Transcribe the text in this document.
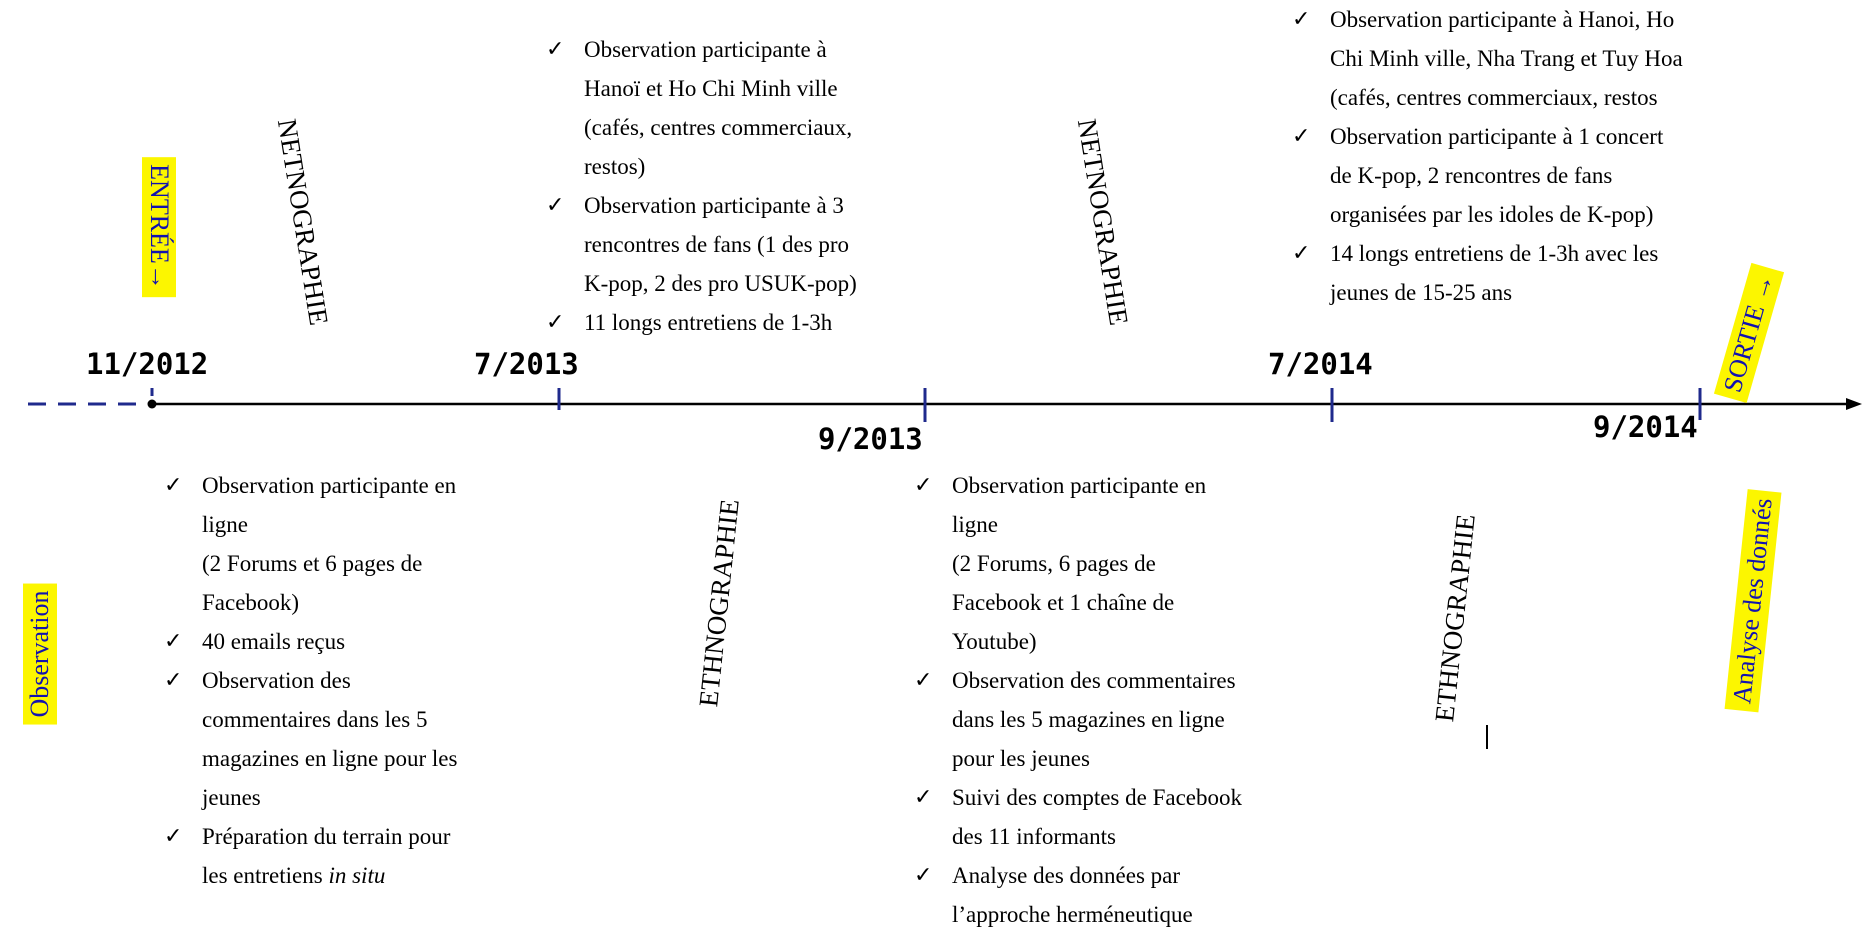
11/2012	7/2013
9/2013
7/2014
9/2014
ENTRÉE→
SORTIE →
Observation	Analyse des donnés
NETNOGRAPHIE	NETNOGRAPHIE
ETHNOGRAPHIE	ETHNOGRAPHIE
✓ Observation participante à
Hanoï et Ho Chi Minh ville
(cafés, centres commerciaux,
restos)
✓ Observation participante à 3
rencontres de fans (1 des pro
K-pop, 2 des pro USUK-pop)
✓ 11 longs entretiens de 1-3h
✓ Observation participante à Hanoi, Ho
Chi Minh ville, Nha Trang et Tuy Hoa
(cafés, centres commerciaux, restos
✓ Observation participante à 1 concert
de K-pop, 2 rencontres de fans
organisées par les idoles de K-pop)
✓ 14 longs entretiens de 1-3h avec les
jeunes de 15-25 ans
✓ Observation participante en
ligne
(2 Forums et 6 pages de
Facebook)
✓ 40 emails reçus
✓ Observation des
commentaires dans les 5
magazines en ligne pour les
jeunes
✓ Préparation du terrain pour
les entretiens in situ
✓ Observation participante en
ligne
(2 Forums, 6 pages de
Facebook et 1 chaîne de
Youtube)
✓ Observation des commentaires
dans les 5 magazines en ligne
pour les jeunes
✓ Suivi des comptes de Facebook
des 11 informants
✓ Analyse des données par
l’approche herméneutique
